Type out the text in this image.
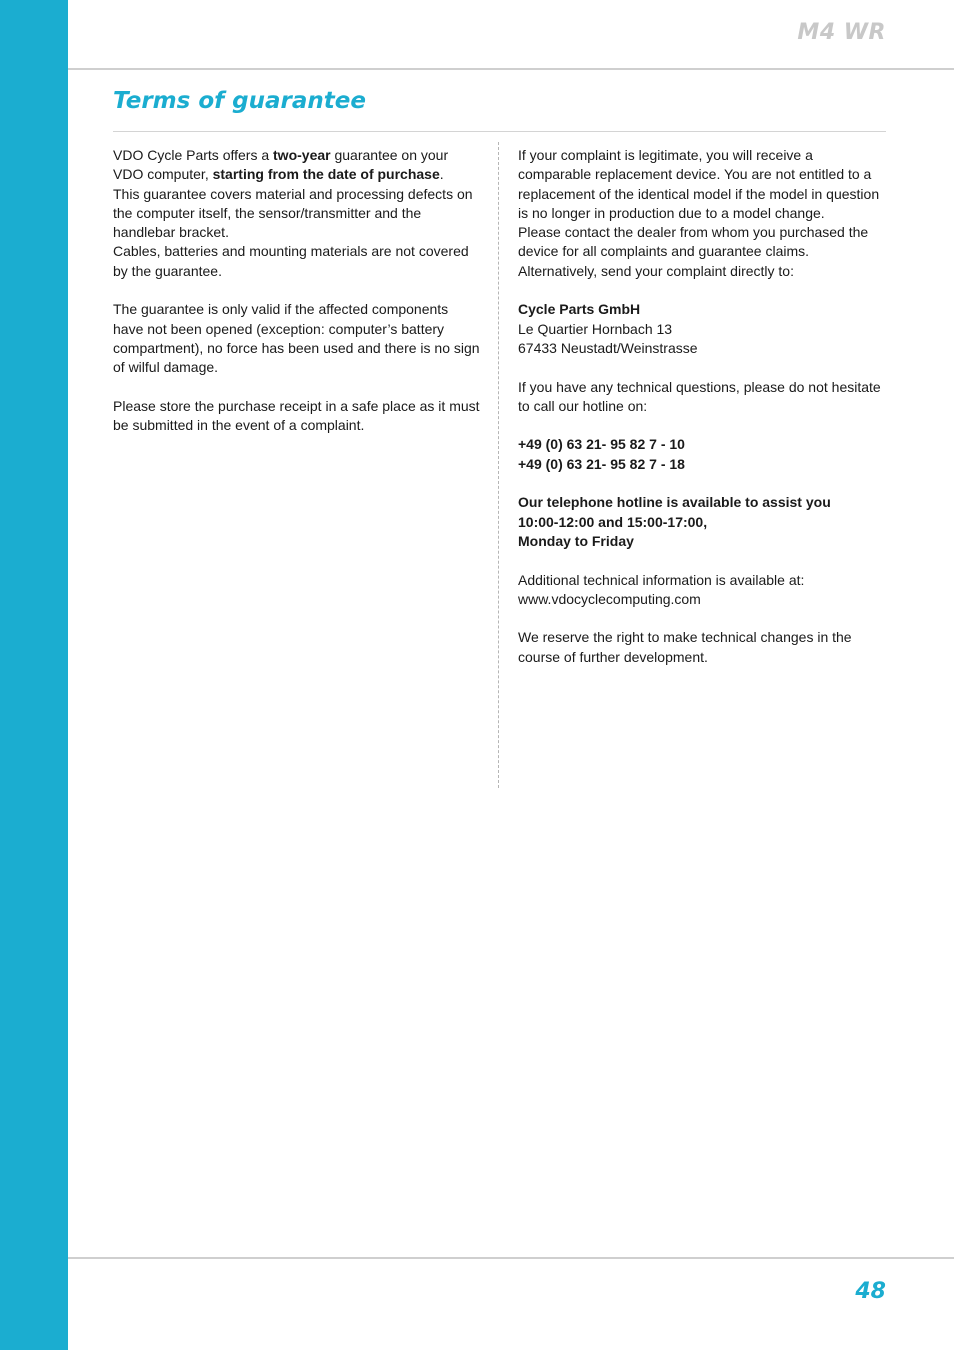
M4 WR
Terms of guarantee

VDO Cycle Parts offers a two-year guarantee on your
VDO computer, starting from the date of purchase.

This guarantee covers material and processing defects on the computer itself, the sensor/transmitter and the handlebar bracket.

Cables, batteries and mounting materials are not covered by the guarantee.

The guarantee is only valid if the affected components
have not been opened (exception: computer’s battery compartment), no force has been used and there is no sign of wilful damage.

Please store the purchase receipt in a safe place as it must be submitted in the event of a complaint.

If your complaint is legitimate, you will receive a comparable replacement device. You are not entitled to a replacement of the identical model if the model in question is no longer in production due to a model change.

Please contact the dealer from whom you purchased the device for all complaints and guarantee claims. Alternatively, send your complaint directly to:

Cycle Parts GmbH
Le Quartier Hornbach 13
67433 Neustadt/Weinstrasse

If you have any technical questions, please do not hesitate to call our hotline on:

+49 (0) 63 21- 95 82 7 - 10
+49 (0) 63 21- 95 82 7 - 18

Our telephone hotline is available to assist you
10:00-12:00 and 15:00-17:00,
Monday to Friday

Additional technical information is available at:
www.vdocyclecomputing.com

We reserve the right to make technical changes in the course of further development.

48
